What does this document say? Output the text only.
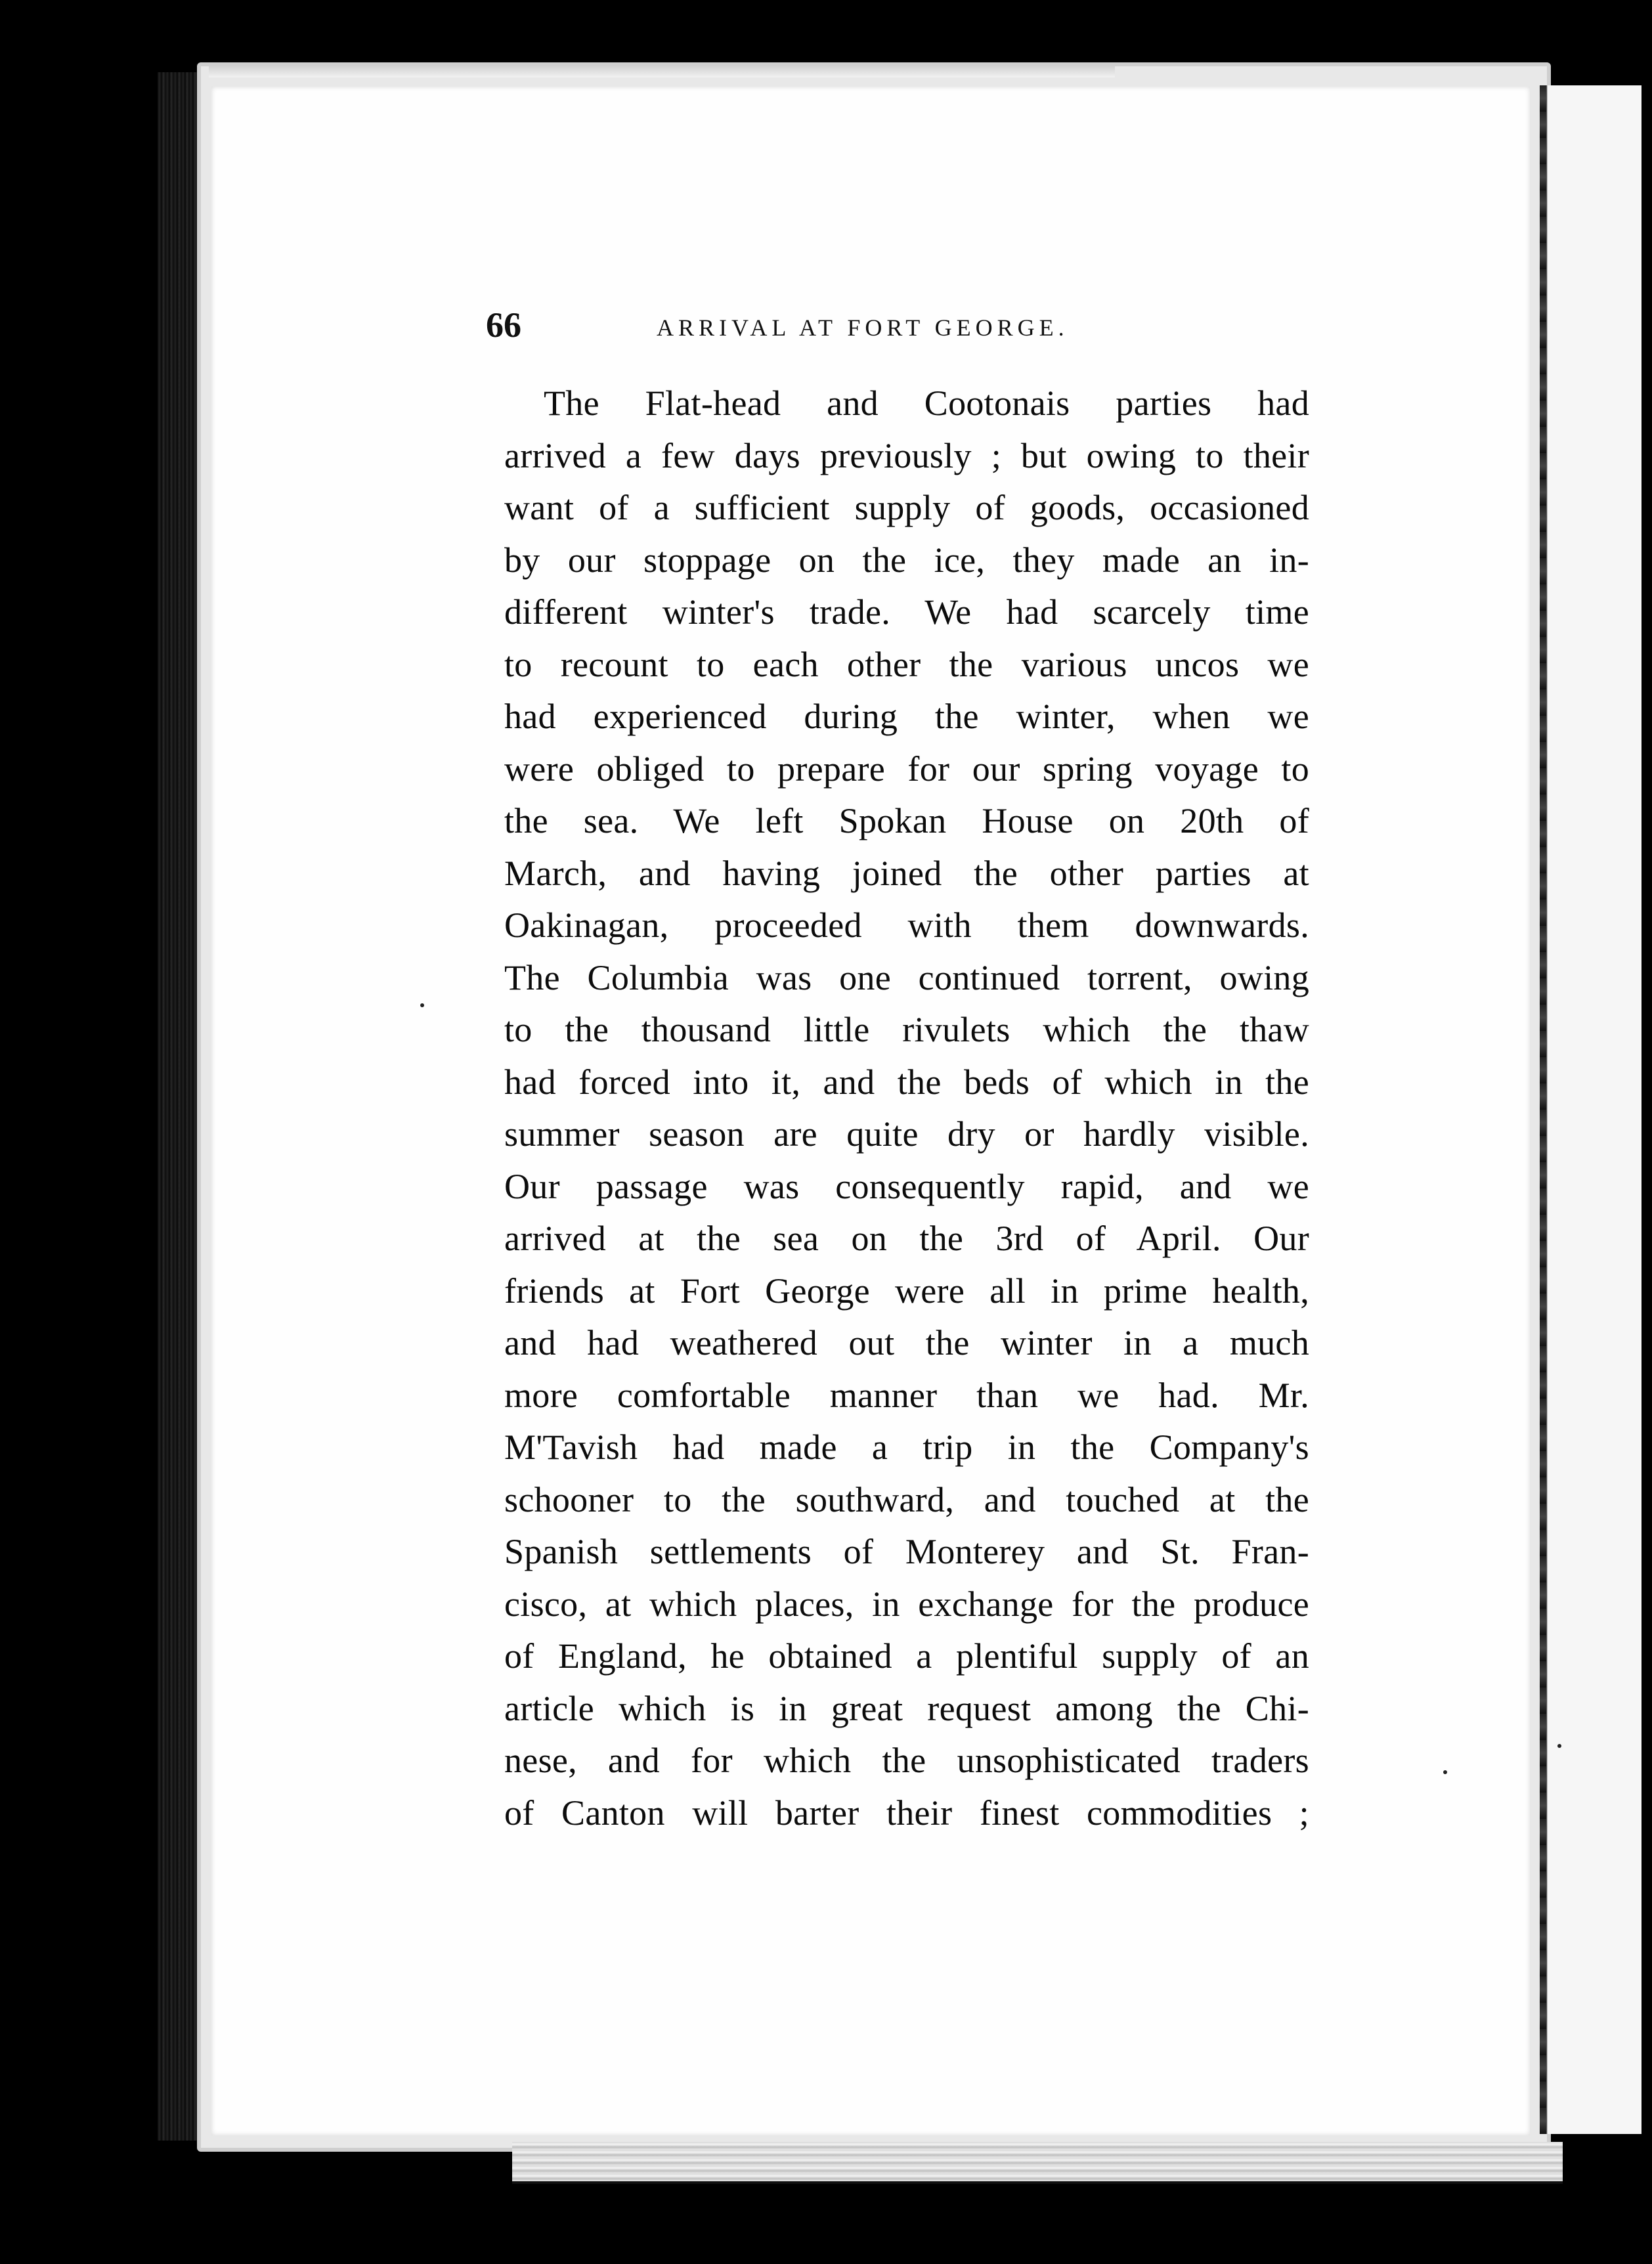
66	ARRIVAL AT FORT GEORGE.
The Flat-head and Cootonais parties had
arrived a few days previously ; but owing to their
want of a sufficient supply of goods, occasioned
by our stoppage on the ice, they made an in-
different winter's trade. We had scarcely time
to recount to each other the various uncos we
had experienced during the winter, when we
were obliged to prepare for our spring voyage to
the sea. We left Spokan House on 20th of
March, and having joined the other parties at
Oakinagan, proceeded with them downwards.
The Columbia was one continued torrent, owing
to the thousand little rivulets which the thaw
had forced into it, and the beds of which in the
summer season are quite dry or hardly visible.
Our passage was consequently rapid, and we
arrived at the sea on the 3rd of April. Our
friends at Fort George were all in prime health,
and had weathered out the winter in a much
more comfortable manner than we had. Mr.
M'Tavish had made a trip in the Company's
schooner to the southward, and touched at the
Spanish settlements of Monterey and St. Fran-
cisco, at which places, in exchange for the produce
of England, he obtained a plentiful supply of an
article which is in great request among the Chi-
nese, and for which the unsophisticated traders
of Canton will barter their finest commodities ;
